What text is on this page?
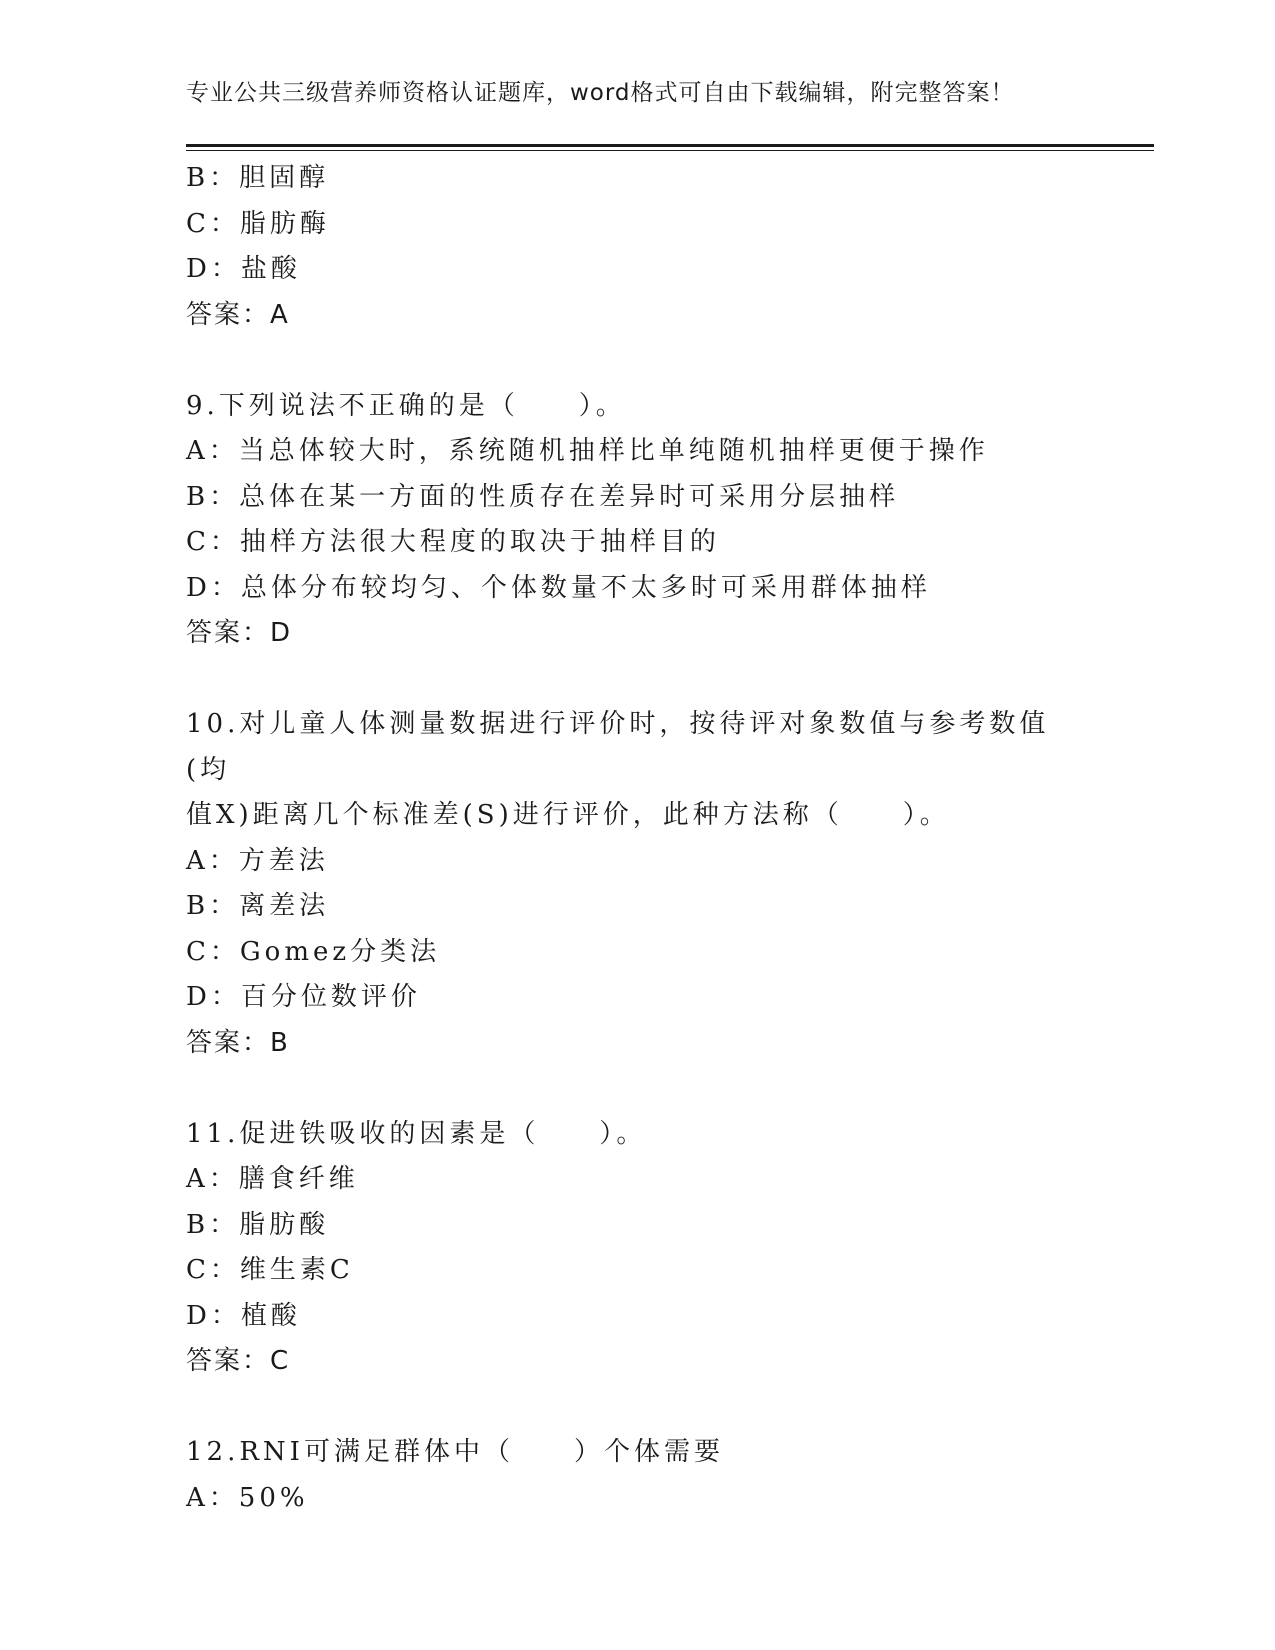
专业公共三级营养师资格认证题库，word格式可自由下载编辑，附完整答案！
B：胆固醇
C：脂肪酶
D：盐酸
答案：A
9.下列说法不正确的是（　　）。
A：当总体较大时，系统随机抽样比单纯随机抽样更便于操作
B：总体在某一方面的性质存在差异时可采用分层抽样
C：抽样方法很大程度的取决于抽样目的
D：总体分布较均匀、个体数量不太多时可采用群体抽样
答案：D
10.对儿童人体测量数据进行评价时，按待评对象数值与参考数值(均
值X)距离几个标准差(S)进行评价，此种方法称（　　）。
A：方差法
B：离差法
C：Gomez分类法
D：百分位数评价
答案：B
11.促进铁吸收的因素是（　　）。
A：膳食纤维
B：脂肪酸
C：维生素C
D：植酸
答案：C
12.RNI可满足群体中（　　）个体需要
A：50%
